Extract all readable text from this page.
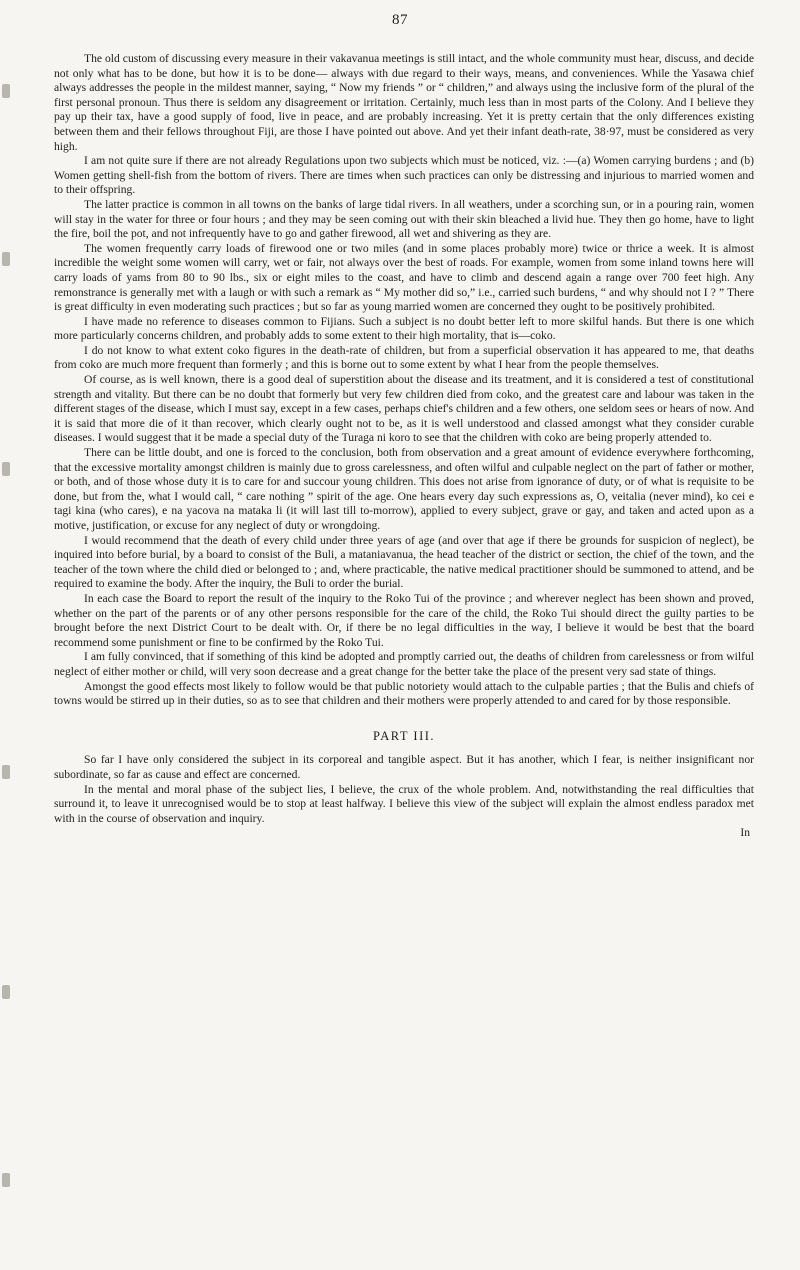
87

The old custom of discussing every measure in their vakavanua meetings is still intact, and the whole community must hear, discuss, and decide not only what has to be done, but how it is to be done— always with due regard to their ways, means, and conveniences. While the Yasawa chief always addresses the people in the mildest manner, saying, “ Now my friends ” or “ children,” and always using the inclusive form of the plural of the first personal pronoun. Thus there is seldom any disagreement or irritation. Certainly, much less than in most parts of the Colony. And I believe they pay up their tax, have a good supply of food, live in peace, and are probably increasing. Yet it is pretty certain that the only differences existing between them and their fellows throughout Fiji, are those I have pointed out above. And yet their infant death-rate, 38·97, must be considered as very high.

I am not quite sure if there are not already Regulations upon two subjects which must be noticed, viz. :—(a) Women carrying burdens ; and (b) Women getting shell-fish from the bottom of rivers. There are times when such practices can only be distressing and injurious to married women and to their offspring.

The latter practice is common in all towns on the banks of large tidal rivers. In all weathers, under a scorching sun, or in a pouring rain, women will stay in the water for three or four hours ; and they may be seen coming out with their skin bleached a livid hue. They then go home, have to light the fire, boil the pot, and not infrequently have to go and gather firewood, all wet and shivering as they are.

The women frequently carry loads of firewood one or two miles (and in some places probably more) twice or thrice a week. It is almost incredible the weight some women will carry, wet or fair, not always over the best of roads. For example, women from some inland towns here will carry loads of yams from 80 to 90 lbs., six or eight miles to the coast, and have to climb and descend again a range over 700 feet high. Any remonstrance is generally met with a laugh or with such a remark as “ My mother did so,” i.e., carried such burdens, “ and why should not I ? ” There is great difficulty in even moderating such practices ; but so far as young married women are concerned they ought to be positively prohibited.

I have made no reference to diseases common to Fijians. Such a subject is no doubt better left to more skilful hands. But there is one which more particularly concerns children, and probably adds to some extent to their high mortality, that is—coko.

I do not know to what extent coko figures in the death-rate of children, but from a superficial observation it has appeared to me, that deaths from coko are much more frequent than formerly ; and this is borne out to some extent by what I hear from the people themselves.

Of course, as is well known, there is a good deal of superstition about the disease and its treatment, and it is considered a test of constitutional strength and vitality. But there can be no doubt that formerly but very few children died from coko, and the greatest care and labour was taken in the different stages of the disease, which I must say, except in a few cases, perhaps chief's children and a few others, one seldom sees or hears of now. And it is said that more die of it than recover, which clearly ought not to be, as it is well understood and classed amongst what they consider curable diseases. I would suggest that it be made a special duty of the Turaga ni koro to see that the children with coko are being properly attended to.

There can be little doubt, and one is forced to the conclusion, both from observation and a great amount of evidence everywhere forthcoming, that the excessive mortality amongst children is mainly due to gross carelessness, and often wilful and culpable neglect on the part of father or mother, or both, and of those whose duty it is to care for and succour young children. This does not arise from ignorance of duty, or of what is requisite to be done, but from the, what I would call, “ care nothing ” spirit of the age. One hears every day such expressions as, O, veitalia (never mind), ko cei e tagi kina (who cares), e na yacova na mataka li (it will last till to-morrow), applied to every subject, grave or gay, and taken and acted upon as a motive, justification, or excuse for any neglect of duty or wrongdoing.

I would recommend that the death of every child under three years of age (and over that age if there be grounds for suspicion of neglect), be inquired into before burial, by a board to consist of the Buli, a mataniavanua, the head teacher of the district or section, the chief of the town, and the teacher of the town where the child died or belonged to ; and, where practicable, the native medical practitioner should be summoned to attend, and be required to examine the body. After the inquiry, the Buli to order the burial.

In each case the Board to report the result of the inquiry to the Roko Tui of the province ; and wherever neglect has been shown and proved, whether on the part of the parents or of any other persons responsible for the care of the child, the Roko Tui should direct the guilty parties to be brought before the next District Court to be dealt with. Or, if there be no legal difficulties in the way, I believe it would be best that the board recommend some punishment or fine to be confirmed by the Roko Tui.

I am fully convinced, that if something of this kind be adopted and promptly carried out, the deaths of children from carelessness or from wilful neglect of either mother or child, will very soon decrease and a great change for the better take the place of the present very sad state of things.

Amongst the good effects most likely to follow would be that public notoriety would attach to the culpable parties ; that the Bulis and chiefs of towns would be stirred up in their duties, so as to see that children and their mothers were properly attended to and cared for by those responsible.

PART III.

So far I have only considered the subject in its corporeal and tangible aspect. But it has another, which I fear, is neither insignificant nor subordinate, so far as cause and effect are concerned.

In the mental and moral phase of the subject lies, I believe, the crux of the whole problem. And, notwithstanding the real difficulties that surround it, to leave it unrecognised would be to stop at least halfway. I believe this view of the subject will explain the almost endless paradox met with in the course of observation and inquiry.

In
